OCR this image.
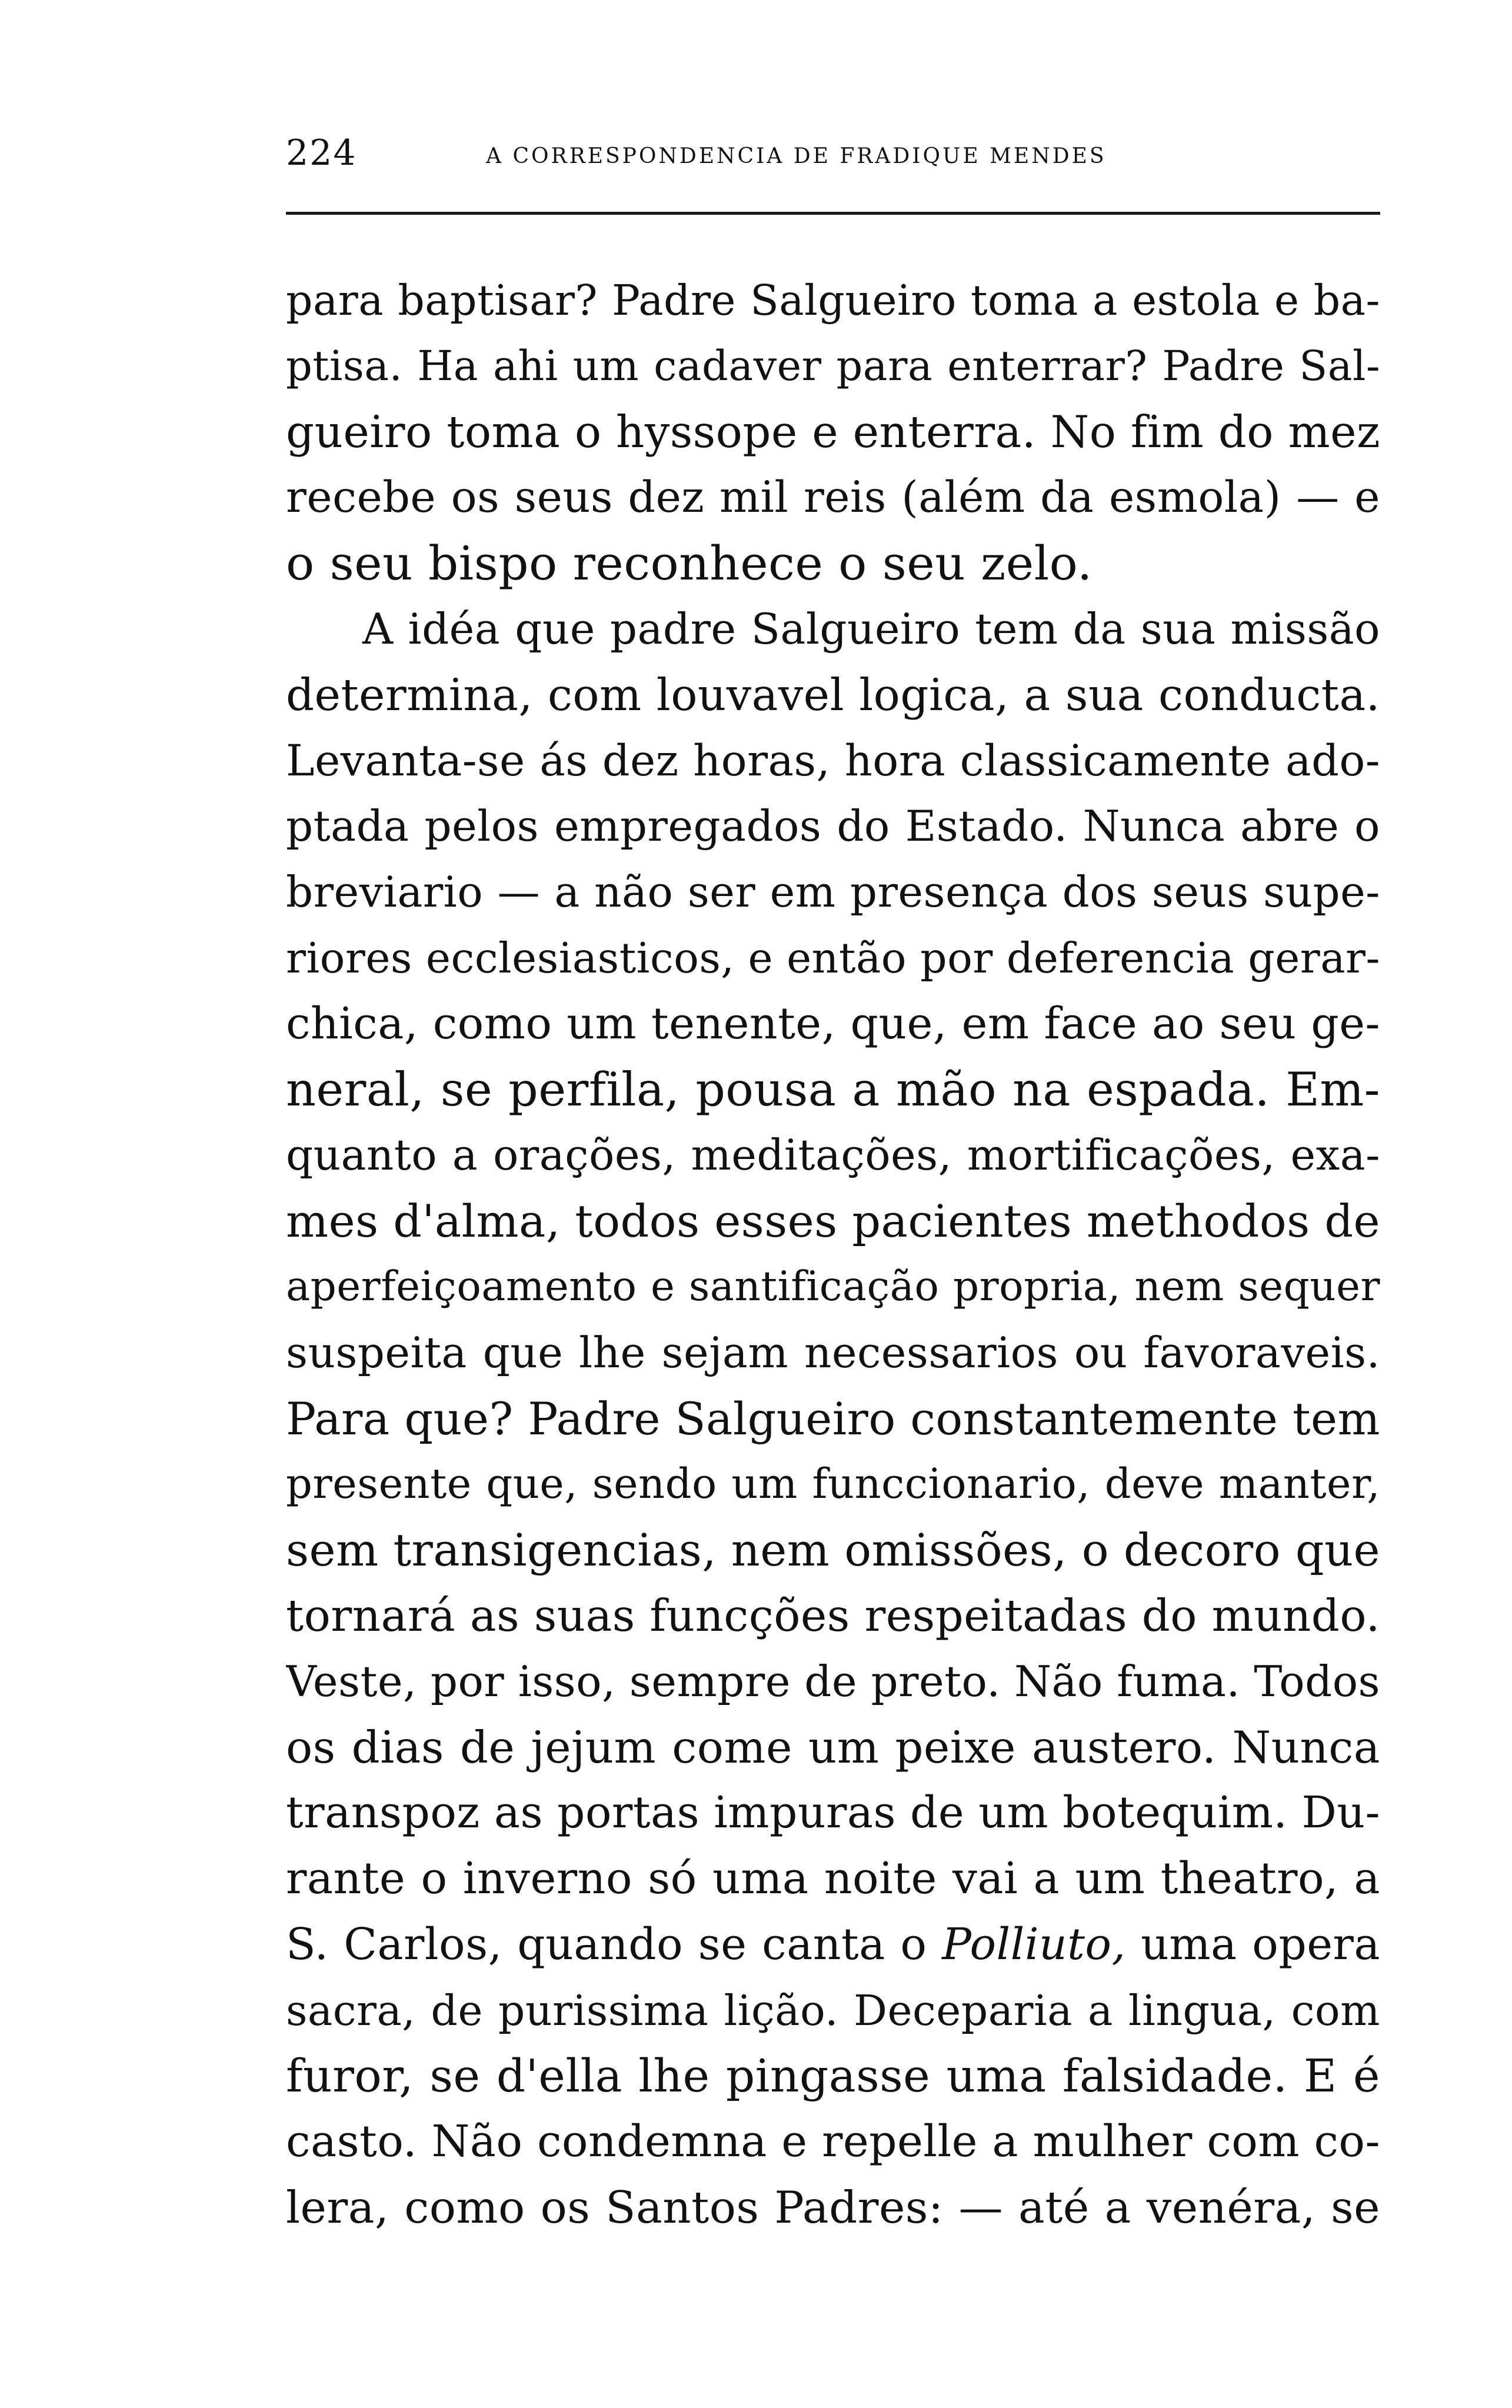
224	A CORRESPONDENCIA DE FRADIQUE MENDES
para baptisar? Padre Salgueiro toma a estola e ba-
ptisa. Ha ahi um cadaver para enterrar? Padre Sal-
gueiro toma o hyssope e enterra. No fim do mez
recebe os seus dez mil reis (além da esmola) — e
o seu bispo reconhece o seu zelo.
A idéa que padre Salgueiro tem da sua missão
determina, com louvavel logica, a sua conducta.
Levanta-se ás dez horas, hora classicamente ado-
ptada pelos empregados do Estado. Nunca abre o
breviario — a não ser em presença dos seus supe-
riores ecclesiasticos, e então por deferencia gerar-
chica, como um tenente, que, em face ao seu ge-
neral, se perfila, pousa a mão na espada. Em-
quanto a orações, meditações, mortificações, exa-
mes d'alma, todos esses pacientes methodos de
aperfeiçoamento e santificação propria, nem sequer
suspeita que lhe sejam necessarios ou favoraveis.
Para que? Padre Salgueiro constantemente tem
presente que, sendo um funccionario, deve manter,
sem transigencias, nem omissões, o decoro que
tornará as suas funcções respeitadas do mundo.
Veste, por isso, sempre de preto. Não fuma. Todos
os dias de jejum come um peixe austero. Nunca
transpoz as portas impuras de um botequim. Du-
rante o inverno só uma noite vai a um theatro, a
S. Carlos, quando se canta o Polliuto, uma opera
sacra, de purissima lição. Deceparia a lingua, com
furor, se d'ella lhe pingasse uma falsidade. E é
casto. Não condemna e repelle a mulher com co-
lera, como os Santos Padres: — até a venéra, se
